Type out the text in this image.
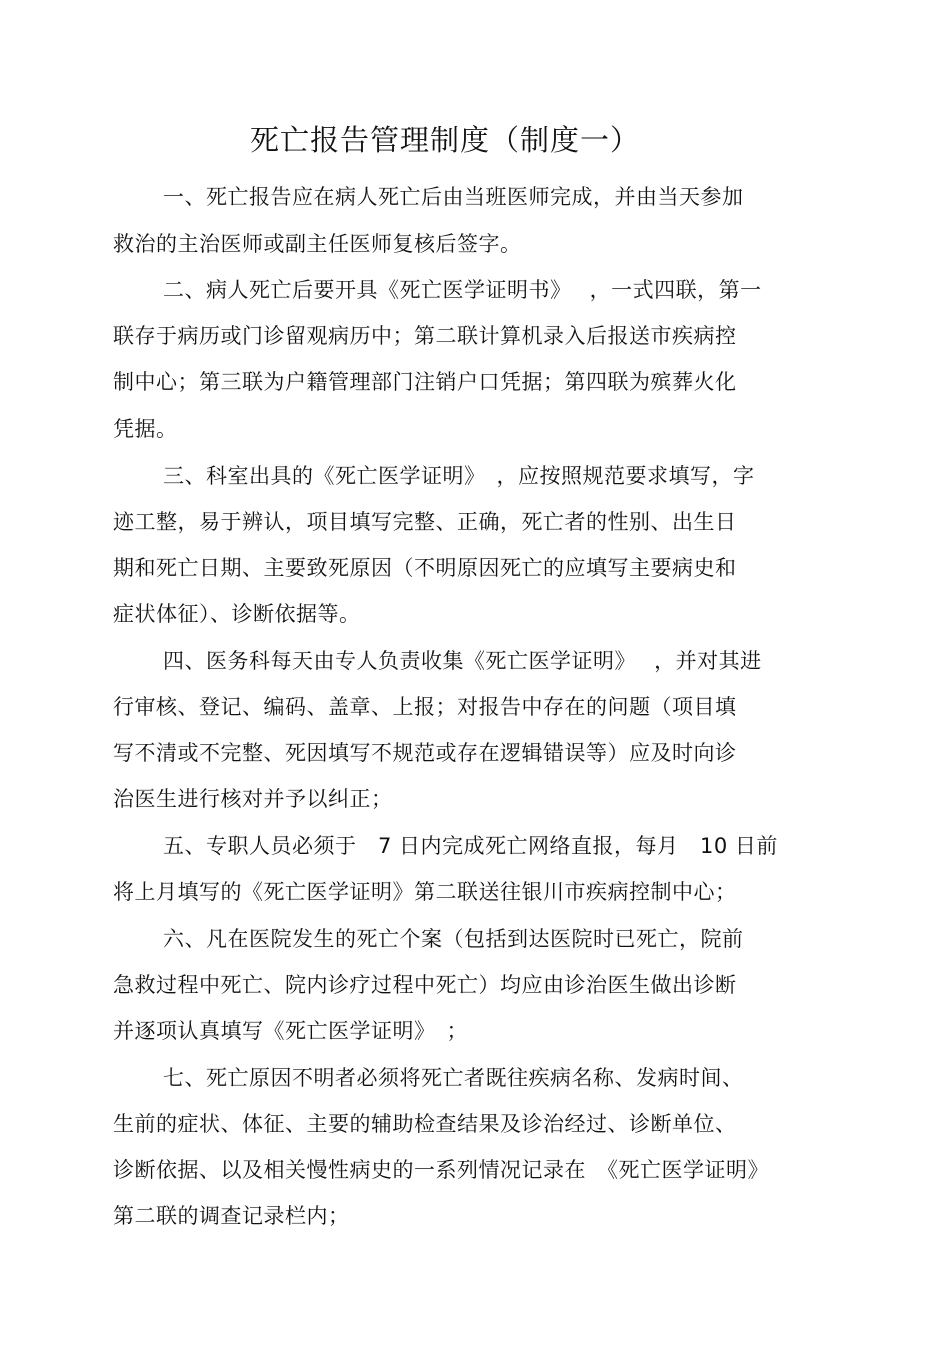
死亡报告管理制度（制度一）
一、死亡报告应在病人死亡后由当班医师完成，并由当天参加
救治的主治医师或副主任医师复核后签字。
二、病人死亡后要开具《死亡医学证明书》　 ，一式四联，第一
联存于病历或门诊留观病历中；第二联计算机录入后报送市疾病控
制中心；第三联为户籍管理部门注销户口凭据；第四联为殡葬火化
凭据。
三、科室出具的《死亡医学证明》　，应按照规范要求填写，字
迹工整，易于辨认，项目填写完整、正确，死亡者的性别、出生日
期和死亡日期、主要致死原因（不明原因死亡的应填写主要病史和
症状体征）、诊断依据等。
四、医务科每天由专人负责收集《死亡医学证明》　 ，并对其进
行审核、登记、编码、盖章、上报；对报告中存在的问题（项目填
写不清或不完整、死因填写不规范或存在逻辑错误等）应及时向诊
治医生进行核对并予以纠正；
五、专职人员必须于　7 日内完成死亡网络直报，每月　10 日前
将上月填写的《死亡医学证明》第二联送往银川市疾病控制中心；
六、凡在医院发生的死亡个案（包括到达医院时已死亡，院前
急救过程中死亡、院内诊疗过程中死亡）均应由诊治医生做出诊断
并逐项认真填写《死亡医学证明》　；
七、死亡原因不明者必须将死亡者既往疾病名称、发病时间、
生前的症状、体征、主要的辅助检查结果及诊治经过、诊断单位、
诊断依据、以及相关慢性病史的一系列情况记录在　《死亡医学证明》
第二联的调查记录栏内；
